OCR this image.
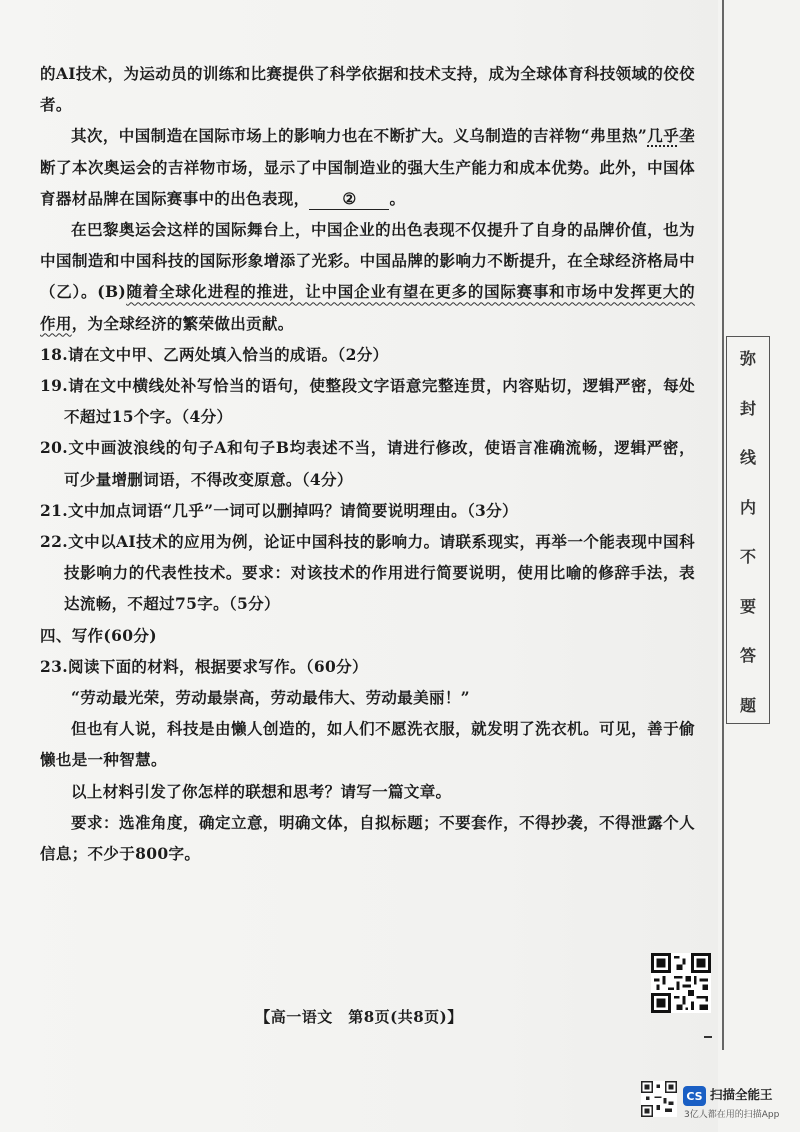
的AI技术，为运动员的训练和比赛提供了科学依据和技术支持，成为全球体育科技领域的佼佼者。

其次，中国制造在国际市场上的影响力也在不断扩大。义乌制造的吉祥物“弗里热”几乎垄断了本次奥运会的吉祥物市场，显示了中国制造业的强大生产能力和成本优势。此外，中国体育器材品牌在国际赛事中的出色表现， ② 。

在巴黎奥运会这样的国际舞台上，中国企业的出色表现不仅提升了自身的品牌价值，也为中国制造和中国科技的国际形象增添了光彩。中国品牌的影响力不断提升，在全球经济格局中（乙）。(B)随着全球化进程的推进，让中国企业有望在更多的国际赛事和市场中发挥更大的作用，为全球经济的繁荣做出贡献。

18.请在文中甲、乙两处填入恰当的成语。（2分）

19.请在文中横线处补写恰当的语句，使整段文字语意完整连贯，内容贴切，逻辑严密，每处不超过15个字。（4分）

20.文中画波浪线的句子A和句子B均表述不当，请进行修改，使语言准确流畅，逻辑严密，可少量增删词语，不得改变原意。（4分）

21.文中加点词语“几乎”一词可以删掉吗？请简要说明理由。（3分）

22.文中以AI技术的应用为例，论证中国科技的影响力。请联系现实，再举一个能表现中国科技影响力的代表性技术。要求：对该技术的作用进行简要说明，使用比喻的修辞手法，表达流畅，不超过75字。（5分）

四、写作(60分)

23.阅读下面的材料，根据要求写作。（60分）

“劳动最光荣，劳动最崇高，劳动最伟大、劳动最美丽！”

但也有人说，科技是由懒人创造的，如人们不愿洗衣服，就发明了洗衣机。可见，善于偷懒也是一种智慧。

以上材料引发了你怎样的联想和思考？请写一篇文章。

要求：选准角度，确定立意，明确文体，自拟标题；不要套作，不得抄袭，不得泄露个人信息；不少于800字。

弥
封
线
内
不
要
答
题
【高一语文　第8页(共8页)】
CS 扫描全能王
3亿人都在用的扫描App
